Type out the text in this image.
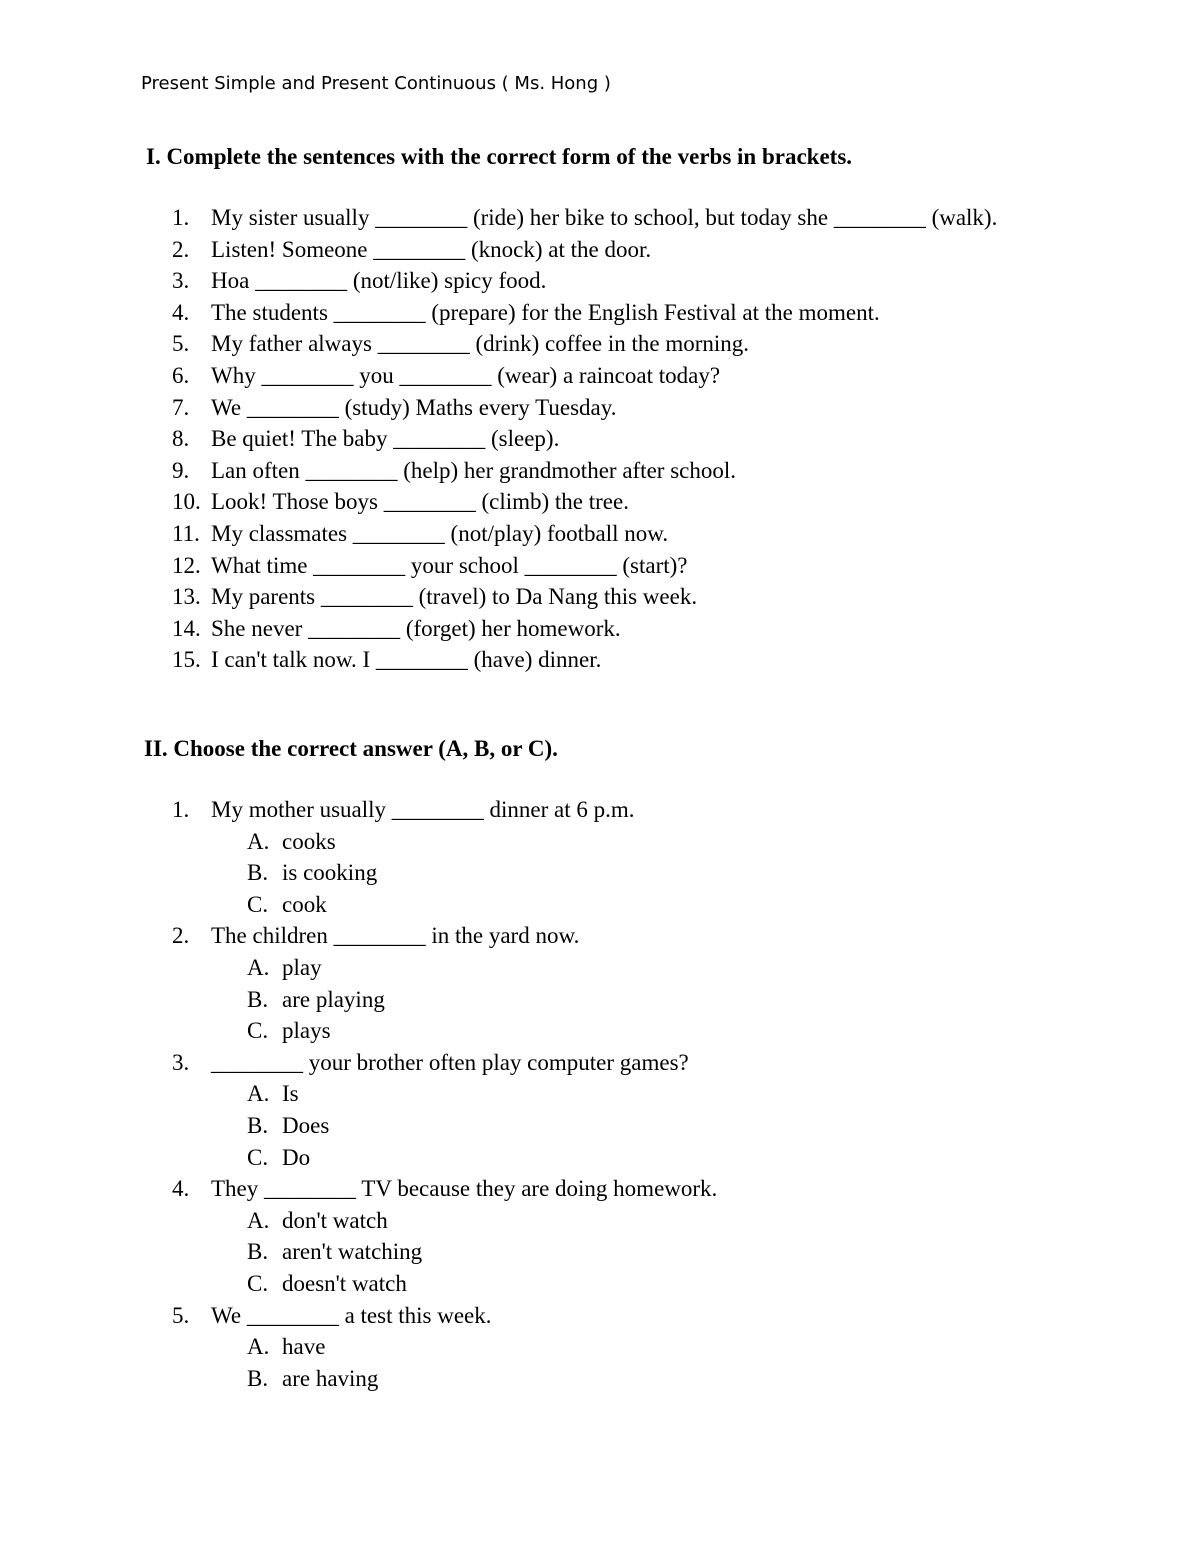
Present Simple and Present Continuous ( Ms. Hong )
I. Complete the sentences with the correct form of the verbs in brackets.
1. My sister usually ________ (ride) her bike to school, but today she ________ (walk).
2. Listen! Someone ________ (knock) at the door.
3. Hoa ________ (not/like) spicy food.
4. The students ________ (prepare) for the English Festival at the moment.
5. My father always ________ (drink) coffee in the morning.
6. Why ________ you ________ (wear) a raincoat today?
7. We ________ (study) Maths every Tuesday.
8. Be quiet! The baby ________ (sleep).
9. Lan often ________ (help) her grandmother after school.
10. Look! Those boys ________ (climb) the tree.
11. My classmates ________ (not/play) football now.
12. What time ________ your school ________ (start)?
13. My parents ________ (travel) to Da Nang this week.
14. She never ________ (forget) her homework.
15. I can't talk now. I ________ (have) dinner.
II. Choose the correct answer (A, B, or C).
1. My mother usually ________ dinner at 6 p.m.
A. cooks
B. is cooking
C. cook
2. The children ________ in the yard now.
A. play
B. are playing
C. plays
3. ________ your brother often play computer games?
A. Is
B. Does
C. Do
4. They ________ TV because they are doing homework.
A. don't watch
B. aren't watching
C. doesn't watch
5. We ________ a test this week.
A. have
B. are having
